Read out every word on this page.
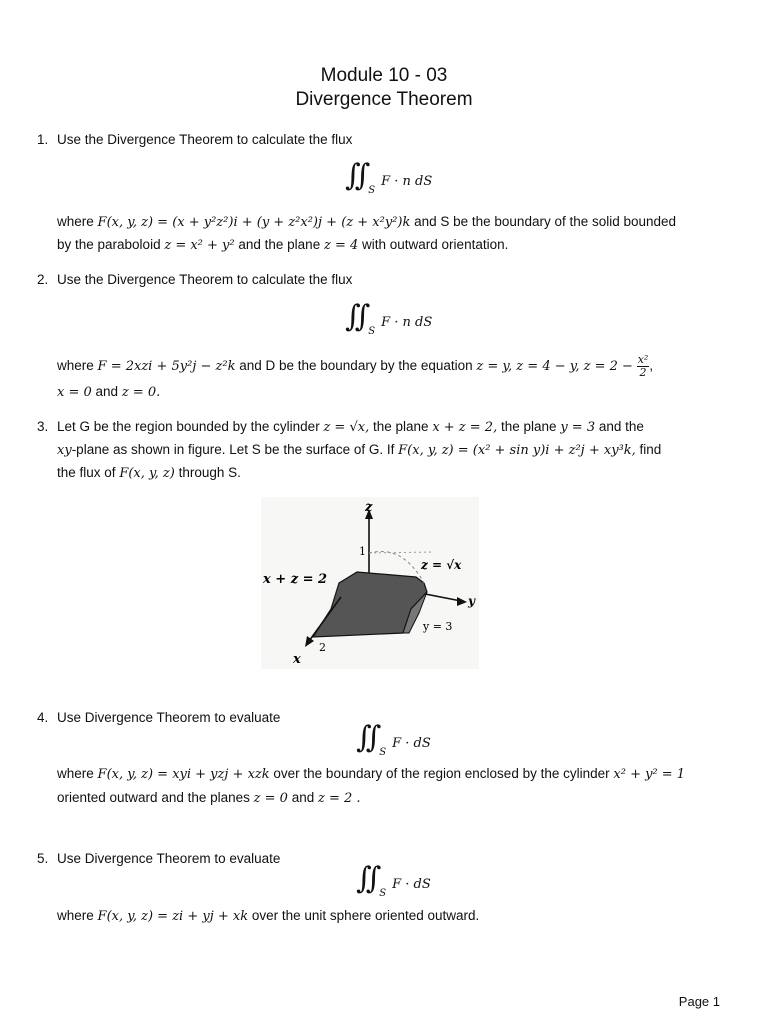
Module 10 - 03
Divergence Theorem
1. Use the Divergence Theorem to calculate the flux
∫∫ $_S$F · n dS
where F(x, y, z) = (x + y²z²)i + (y + z²x²)j + (z + x²y²)k and S be the boundary of the solid bounded
by the paraboloid z = x² + y² and the plane z = 4 with outward orientation.
2. Use the Divergence Theorem to calculate the flux
∫∫ $_S$F · n dS
where F = 2xzi + 5y²j − z²k and D be the boundary by the equation z = y, z = 4 − y, $z = 2 - \frac{\text{x²}}{2}$,
x = 0 and z = 0.
3. Let G be the region bounded by the cylinder z = √x, the plane x + z = 2, the plane y = 3 and the
xy-plane as shown in figure. Let S be the surface of G. If F(x, y, z) = (x² + sin y)i + z²j + xy³k, find
the flux of F(x, y, z) through S.
z
1
z = √x
x + z = 2
y
y = 3
2
x
4. Use Divergence Theorem to evaluate
∫∫ $_S$F · dS
where F(x, y, z) = xyi + yzj + xzk over the boundary of the region enclosed by the cylinder x² + y² = 1
oriented outward and the planes z = 0 and z = 2 .
5. Use Divergence Theorem to evaluate
∫∫ $_S$F · dS
where F(x, y, z) = zi + yj + xk over the unit sphere oriented outward.
Page 1
